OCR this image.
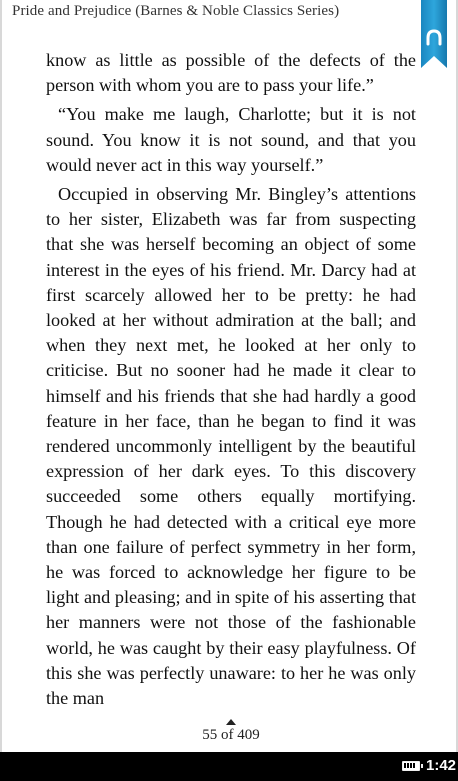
Pride and Prejudice (Barnes & Noble Classics Series)

know as little as possible of the defects of the person with whom you are to pass your life.”

“You make me laugh, Charlotte; but it is not sound. You know it is not sound, and that you would never act in this way yourself.”

Occupied in observing Mr. Bingley’s attentions to her sister, Elizabeth was far from suspecting that she was herself becoming an object of some interest in the eyes of his friend. Mr. Darcy had at first scarcely allowed her to be pretty: he had looked at her without admiration at the ball; and when they next met, he looked at her only to criticise. But no sooner had he made it clear to himself and his friends that she had hardly a good feature in her face, than he began to find it was rendered uncommonly intelligent by the beautiful expression of her dark eyes. To this discovery succeeded some others equally mortifying. Though he had detected with a critical eye more than one failure of perfect symmetry in her form, he was forced to acknowledge her figure to be light and pleasing; and in spite of his asserting that her manners were not those of the fashionable world, he was caught by their easy playfulness. Of this she was perfectly unaware: to her he was only the man

55 of 409
1:42
